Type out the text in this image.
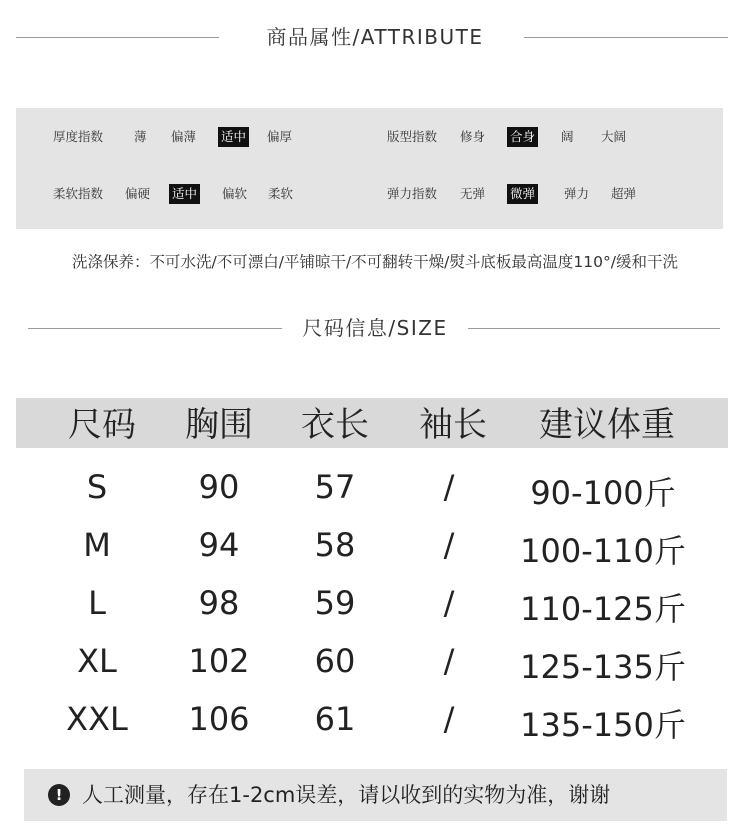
商品属性/ATTRIBUTE
厚度指数 薄 偏薄 适中 偏厚	版型指数 修身 合身 阔 大阔
柔软指数 偏硬 适中 偏软 柔软	弹力指数 无弹 微弹 弹力 超弹
洗涤保养：不可水洗/不可漂白/平铺晾干/不可翻转干燥/熨斗底板最高温度110°/缓和干洗
尺码信息/SIZE
尺码	胸围	衣长	袖长	建议体重
S	90	57	/	90-100斤
M	94	58	/	100-110斤
L	98	59	/	110-125斤
XL	102	60	/	125-135斤
XXL	106	61	/	135-150斤
! 人工测量，存在1-2cm误差，请以收到的实物为准，谢谢
